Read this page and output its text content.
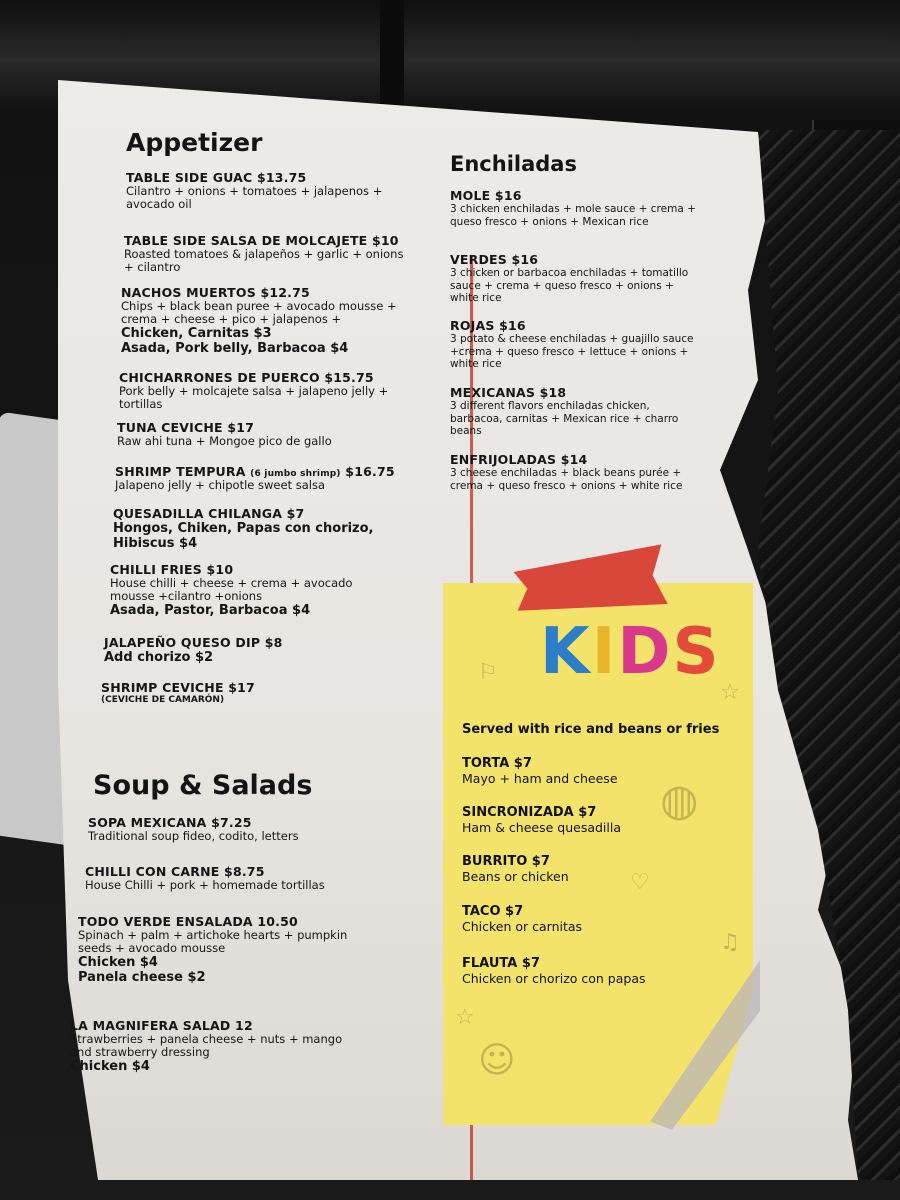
Appetizer
TABLE SIDE GUAC $13.75
Cilantro + onions + tomatoes + jalapenos + avocado oil
TABLE SIDE SALSA DE MOLCAJETE $10
Roasted tomatoes & jalapeños + garlic + onions + cilantro
NACHOS MUERTOS $12.75
Chips + black bean puree + avocado mousse + crema + cheese + pico + jalapenos +
Chicken, Carnitas $3
Asada, Pork belly, Barbacoa $4
CHICHARRONES DE PUERCO $15.75
Pork belly + molcajete salsa + jalapeno jelly + tortillas
TUNA CEVICHE $17
Raw ahi tuna + Mongoe pico de gallo
SHRIMP TEMPURA (6 jumbo shrimp) $16.75
Jalapeno jelly + chipotle sweet salsa
QUESADILLA CHILANGA $7
Hongos, Chiken, Papas con chorizo, Hibiscus $4
CHILLI FRIES $10
House chilli + cheese + crema + avocado mousse +cilantro +onions
Asada, Pastor, Barbacoa $4
JALAPEÑO QUESO DIP $8
Add chorizo $2
SHRIMP CEVICHE $17
(CEVICHE DE CAMARÓN)
Soup & Salads
SOPA MEXICANA $7.25
Traditional soup fideo, codito, letters
CHILLI CON CARNE $8.75
House Chilli + pork + homemade tortillas
TODO VERDE ENSALADA 10.50
Spinach + palm + artichoke hearts + pumpkin seeds + avocado mousse
Chicken $4
Panela cheese $2
LA MAGNIFERA SALAD 12
Strawberries + panela cheese + nuts + mango and strawberry dressing
Chicken $4
Enchiladas
MOLE $16
3 chicken enchiladas + mole sauce + crema + queso fresco + onions + Mexican rice
VERDES $16
3 chicken or barbacoa enchiladas + tomatillo sauce + crema + queso fresco + onions + white rice
ROJAS $16
3 potato & cheese enchiladas + guajillo sauce +crema + queso fresco + lettuce + onions + white rice
MEXICANAS $18
3 different flavors enchiladas chicken, barbacoa, carnitas + Mexican rice + charro beans
ENFRIJOLADAS $14
3 cheese enchiladas + black beans purée + crema + queso fresco + onions + white rice
⚐
☆
◍
♫
♡
☆
☺
KIDS
Served with rice and beans or fries
TORTA $7
Mayo + ham and cheese
SINCRONIZADA $7
Ham & cheese quesadilla
BURRITO $7
Beans or chicken
TACO $7
Chicken or carnitas
FLAUTA $7
Chicken or chorizo con papas
